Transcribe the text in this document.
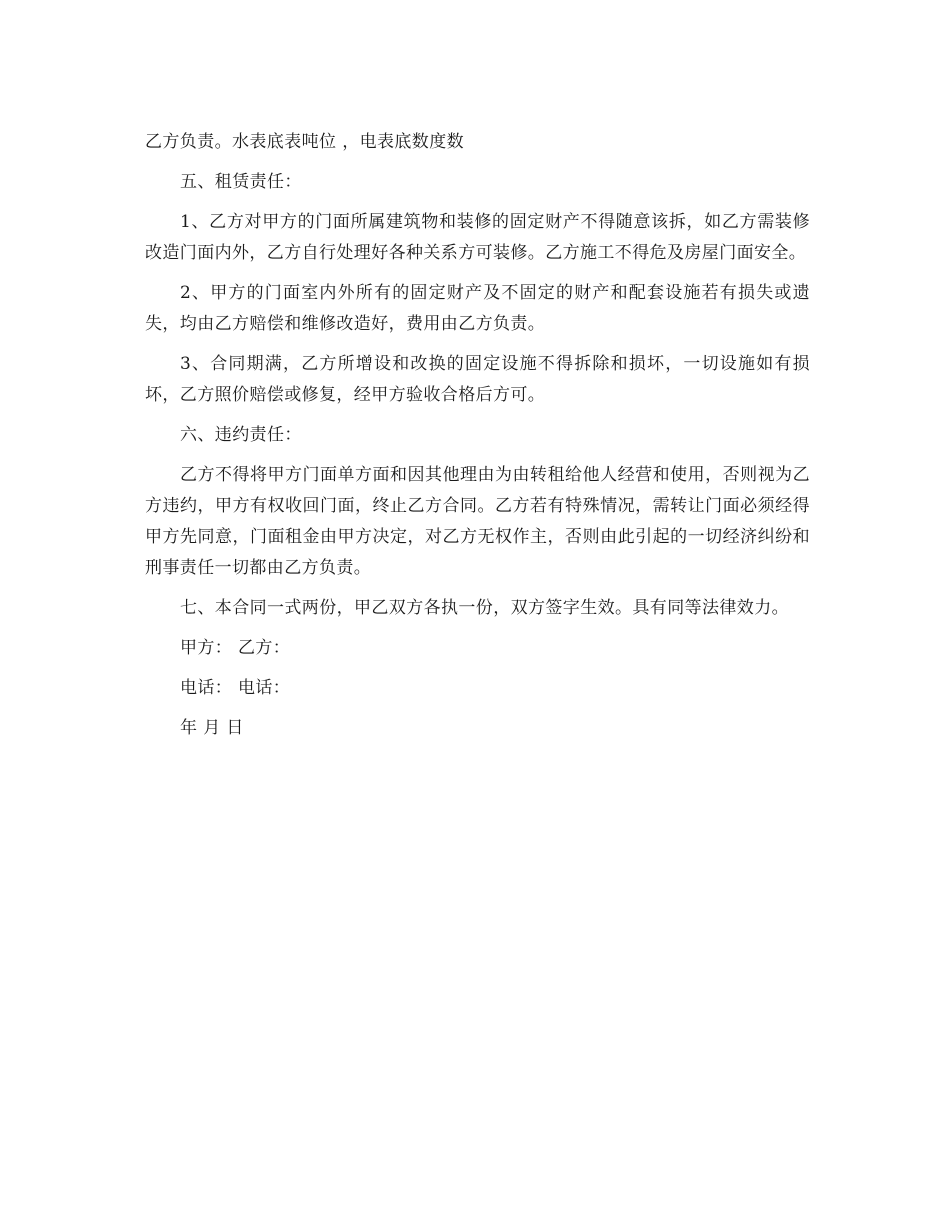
乙方负责。水表底表吨位 ，电表底数度数

五、租赁责任：

1、乙方对甲方的门面所属建筑物和装修的固定财产不得随意该拆，如乙方需装修改造门面内外，乙方自行处理好各种关系方可装修。乙方施工不得危及房屋门面安全。

2、甲方的门面室内外所有的固定财产及不固定的财产和配套设施若有损失或遗失，均由乙方赔偿和维修改造好，费用由乙方负责。

3、合同期满，乙方所增设和改换的固定设施不得拆除和损坏，一切设施如有损坏，乙方照价赔偿或修复，经甲方验收合格后方可。

六、违约责任：

乙方不得将甲方门面单方面和因其他理由为由转租给他人经营和使用，否则视为乙方违约，甲方有权收回门面，终止乙方合同。乙方若有特殊情况，需转让门面必须经得甲方先同意，门面租金由甲方决定，对乙方无权作主，否则由此引起的一切经济纠纷和刑事责任一切都由乙方负责。

七、本合同一式两份，甲乙双方各执一份，双方签字生效。具有同等法律效力。

甲方： 乙方：

电话： 电话：

年 月 日
